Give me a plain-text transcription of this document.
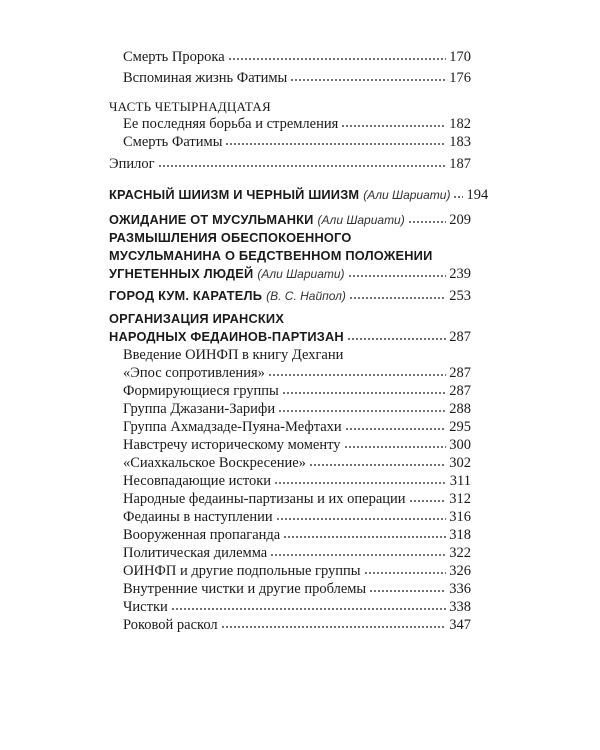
Смерть Пророка	170
Вспоминая жизнь Фатимы	176
ЧАСТЬ ЧЕТЫРНАДЦАТАЯ
Ее последняя борьба и стремления	182
Смерть Фатимы	183
Эпилог	187
КРАСНЫЙ ШИИЗМ И ЧЕРНЫЙ ШИИЗМ (Али Шариати) 194
ОЖИДАНИЕ ОТ МУСУЛЬМАНКИ (Али Шариати)	209
РАЗМЫШЛЕНИЯ ОБЕСПОКОЕННОГО
МУСУЛЬМАНИНА О БЕДСТВЕННОМ ПОЛОЖЕНИИ
УГНЕТЕННЫХ ЛЮДЕЙ (Али Шариати)	239
ГОРОД КУМ. КАРАТЕЛЬ (В. С. Найпол)	253
ОРГАНИЗАЦИЯ ИРАНСКИХ
НАРОДНЫХ ФЕДАИНОВ-ПАРТИЗАН	287
Введение ОИНФП в книгу Дехгани
«Эпос сопротивления»	287
Формирующиеся группы	287
Группа Джазани-Зарифи	288
Группа Ахмадзаде-Пуяна-Мефтахи	295
Навстречу историческому моменту	300
«Сиахкальское Воскресение»	302
Несовпадающие истоки	311
Народные федаины-партизаны и их операции	312
Федаины в наступлении	316
Вооруженная пропаганда	318
Политическая дилемма	322
ОИНФП и другие подпольные группы	326
Внутренние чистки и другие проблемы	336
Чистки	338
Роковой раскол	347
